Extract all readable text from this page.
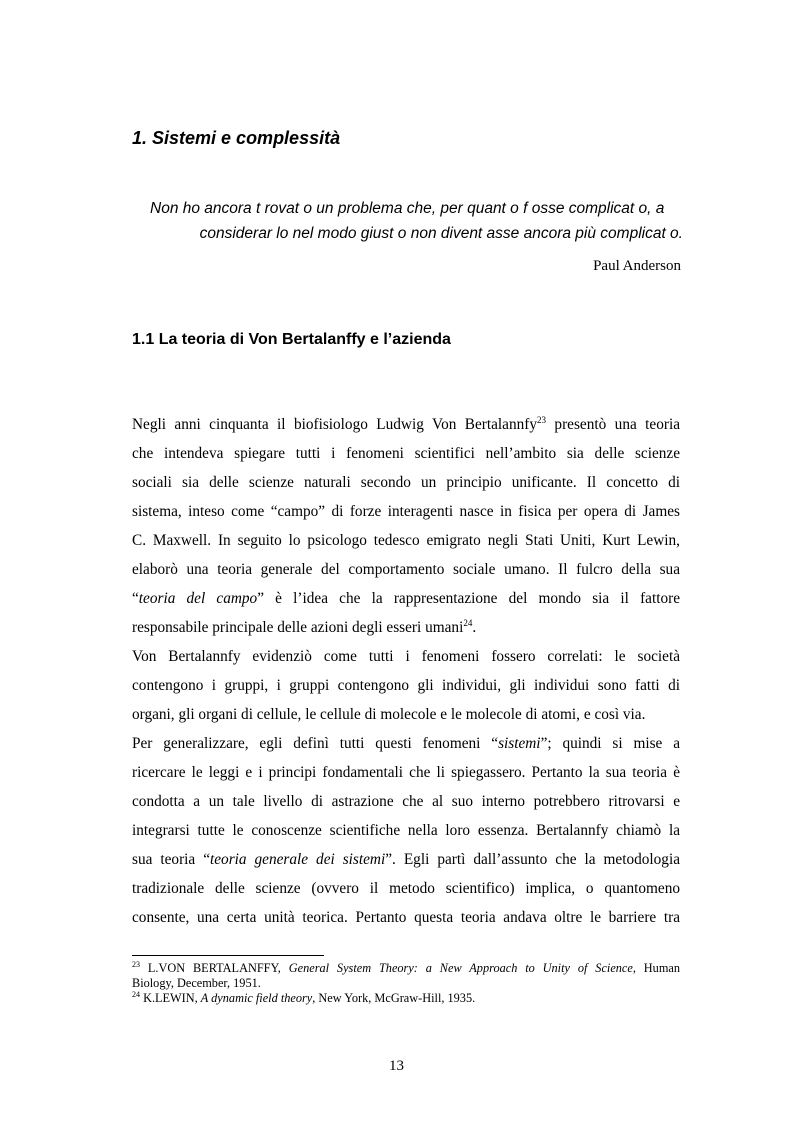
1. Sistemi e complessità

Non ho ancora t rovat o un problema che, per quant o f osse complicat o, a
considerar lo nel modo giust o non divent asse ancora più complicat o.

Paul Anderson

1.1 La teoria di Von Bertalanffy e l’azienda
Negli anni cinquanta il biofisiologo Ludwig Von Bertalannfy$^{23}$ presentò una teoria
che intendeva spiegare tutti i fenomeni scientifici nell’ambito sia delle scienze
sociali sia delle scienze naturali secondo un principio unificante. Il concetto di
sistema, inteso come “campo” di forze interagenti nasce in fisica per opera di James
C. Maxwell. In seguito lo psicologo tedesco emigrato negli Stati Uniti, Kurt Lewin,
elaborò una teoria generale del comportamento sociale umano. Il fulcro della sua
“teoria del campo” è l’idea che la rappresentazione del mondo sia il fattore
responsabile principale delle azioni degli esseri umani$^{24}$.
Von Bertalannfy evidenziò come tutti i fenomeni fossero correlati: le società
contengono i gruppi, i gruppi contengono gli individui, gli individui sono fatti di
organi, gli organi di cellule, le cellule di molecole e le molecole di atomi, e così via.
Per generalizzare, egli definì tutti questi fenomeni “sistemi”; quindi si mise a
ricercare le leggi e i principi fondamentali che li spiegassero. Pertanto la sua teoria è
condotta a un tale livello di astrazione che al suo interno potrebbero ritrovarsi e
integrarsi tutte le conoscenze scientifiche nella loro essenza. Bertalannfy chiamò la
sua teoria “teoria generale dei sistemi”. Egli partì dall’assunto che la metodologia
tradizionale delle scienze (ovvero il metodo scientifico) implica, o quantomeno
consente, una certa unità teorica. Pertanto questa teoria andava oltre le barriere tra
$^{23}$ L.VON BERTALANFFY, General System Theory: a New Approach to Unity of Science, Human
Biology, December, 1951.
$^{24}$ K.LEWIN, A dynamic field theory, New York, McGraw-Hill, 1935.

13
